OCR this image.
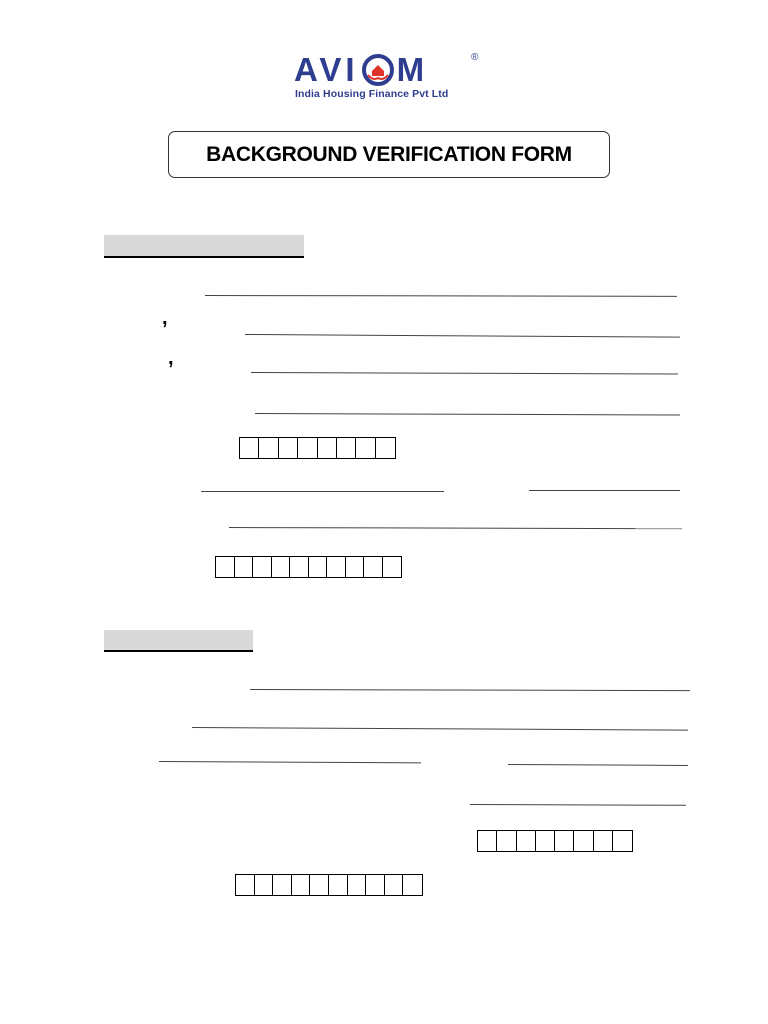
AVI M	®
India Housing Finance Pvt Ltd
BACKGROUND VERIFICATION FORM
,
,
